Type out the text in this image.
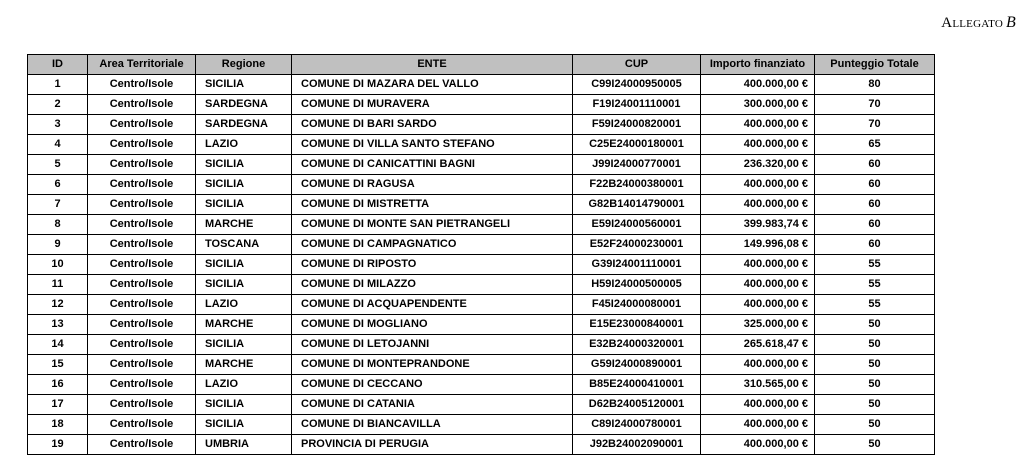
Allegato B
ID	Area Territoriale	Regione	ENTE	CUP	Importo finanziato	Punteggio Totale
1	Centro/Isole	SICILIA	COMUNE DI MAZARA DEL VALLO	C99I24000950005	400.000,00 €	80
2	Centro/Isole	SARDEGNA	COMUNE DI MURAVERA	F19I24001110001	300.000,00 €	70
3	Centro/Isole	SARDEGNA	COMUNE DI BARI SARDO	F59I24000820001	400.000,00 €	70
4	Centro/Isole	LAZIO	COMUNE DI VILLA SANTO STEFANO	C25E24000180001	400.000,00 €	65
5	Centro/Isole	SICILIA	COMUNE DI CANICATTINI BAGNI	J99I24000770001	236.320,00 €	60
6	Centro/Isole	SICILIA	COMUNE DI RAGUSA	F22B24000380001	400.000,00 €	60
7	Centro/Isole	SICILIA	COMUNE DI MISTRETTA	G82B14014790001	400.000,00 €	60
8	Centro/Isole	MARCHE	COMUNE DI MONTE SAN PIETRANGELI	E59I24000560001	399.983,74 €	60
9	Centro/Isole	TOSCANA	COMUNE DI CAMPAGNATICO	E52F24000230001	149.996,08 €	60
10	Centro/Isole	SICILIA	COMUNE DI RIPOSTO	G39I24001110001	400.000,00 €	55
11	Centro/Isole	SICILIA	COMUNE DI MILAZZO	H59I24000500005	400.000,00 €	55
12	Centro/Isole	LAZIO	COMUNE DI ACQUAPENDENTE	F45I24000080001	400.000,00 €	55
13	Centro/Isole	MARCHE	COMUNE DI MOGLIANO	E15E23000840001	325.000,00 €	50
14	Centro/Isole	SICILIA	COMUNE DI LETOJANNI	E32B24000320001	265.618,47 €	50
15	Centro/Isole	MARCHE	COMUNE DI MONTEPRANDONE	G59I24000890001	400.000,00 €	50
16	Centro/Isole	LAZIO	COMUNE DI CECCANO	B85E24000410001	310.565,00 €	50
17	Centro/Isole	SICILIA	COMUNE DI CATANIA	D62B24005120001	400.000,00 €	50
18	Centro/Isole	SICILIA	COMUNE DI BIANCAVILLA	C89I24000780001	400.000,00 €	50
19	Centro/Isole	UMBRIA	PROVINCIA DI PERUGIA	J92B24002090001	400.000,00 €	50
